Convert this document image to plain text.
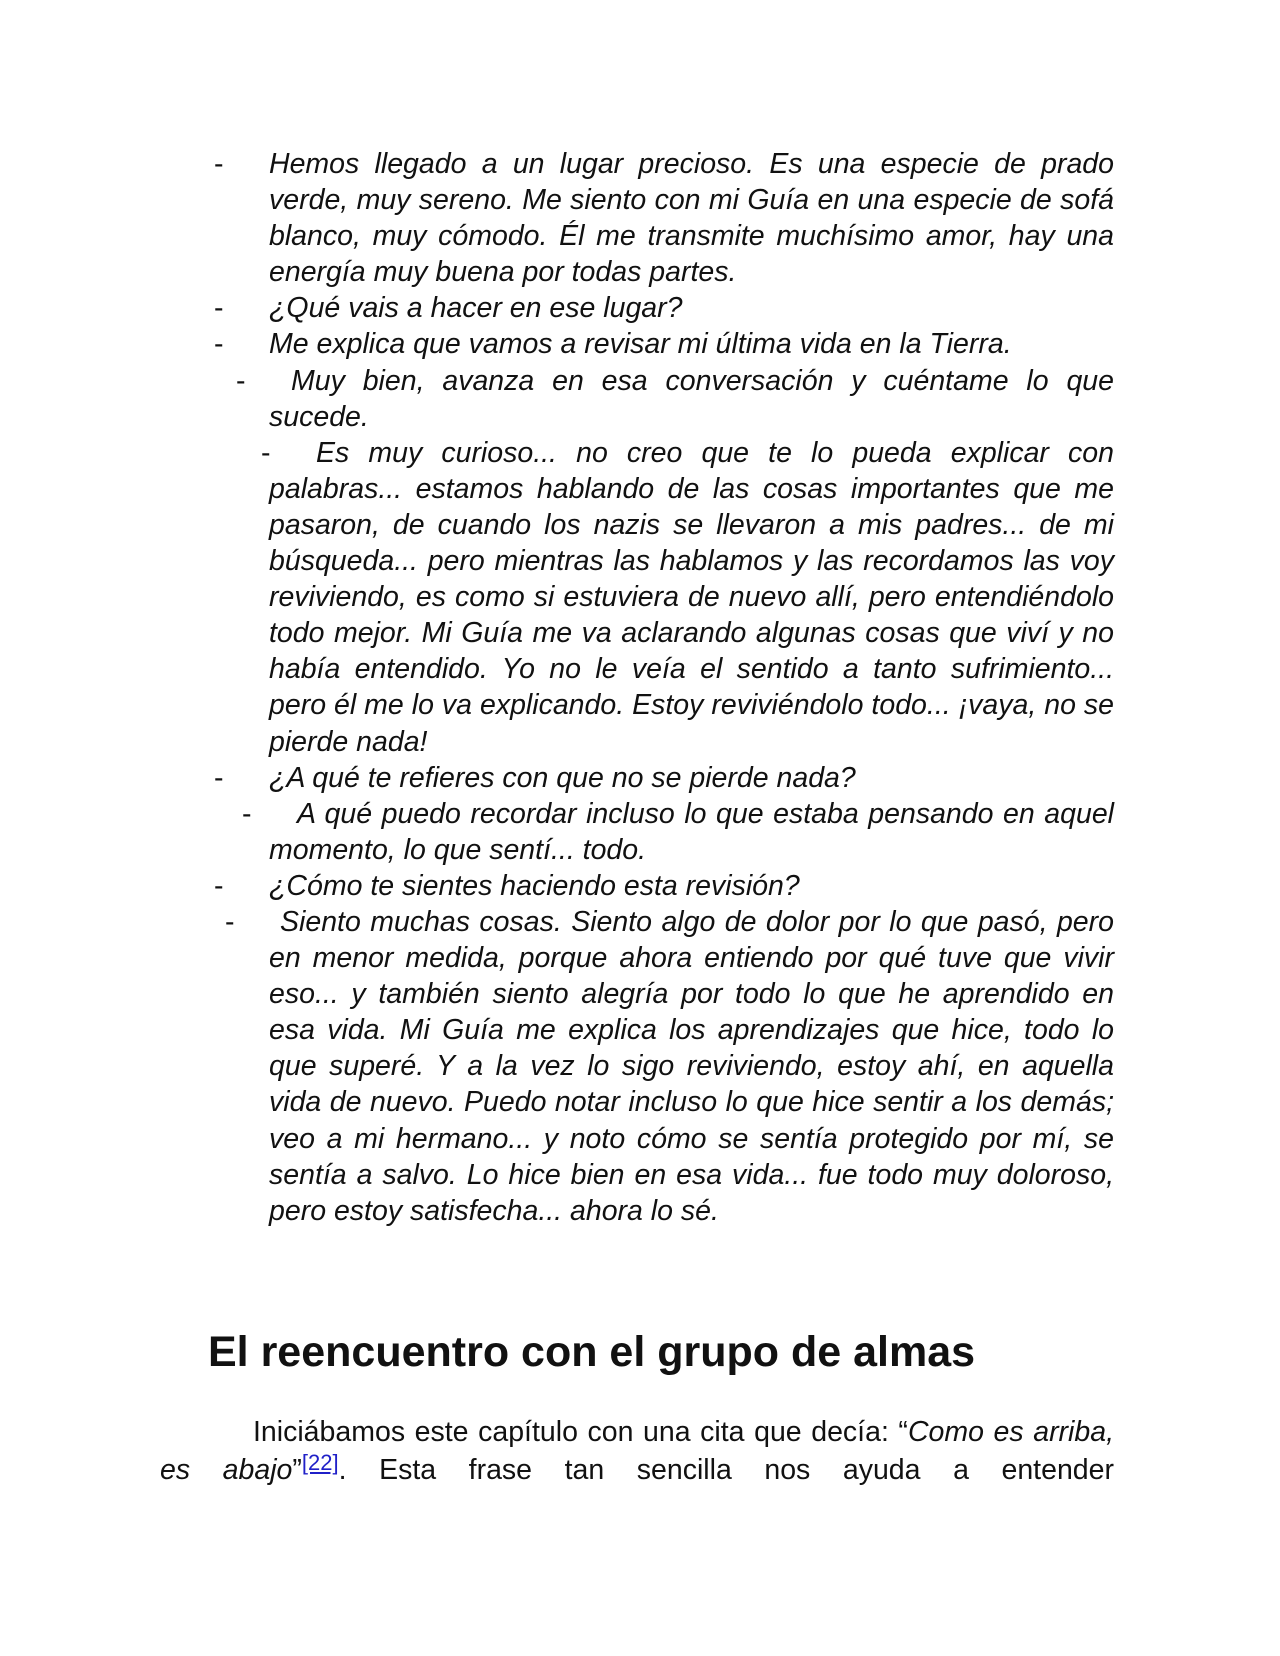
- Hemos llegado a un lugar precioso. Es una especie de prado verde, muy sereno. Me siento con mi Guía en una especie de sofá blanco, muy cómodo. Él me transmite muchísimo amor, hay una energía muy buena por todas partes.
- ¿Qué vais a hacer en ese lugar?
- Me explica que vamos a revisar mi última vida en la Tierra.
- Muy bien, avanza en esa conversación y cuéntame lo que sucede.
- Es muy curioso... no creo que te lo pueda explicar con palabras... estamos hablando de las cosas importantes que me pasaron, de cuando los nazis se llevaron a mis padres... de mi búsqueda... pero mientras las hablamos y las recordamos las voy reviviendo, es como si estuviera de nuevo allí, pero entendiéndolo todo mejor. Mi Guía me va aclarando algunas cosas que viví y no había entendido. Yo no le veía el sentido a tanto sufrimiento... pero él me lo va explicando. Estoy reviviéndolo todo... ¡vaya, no se pierde nada!
- ¿A qué te refieres con que no se pierde nada?
- A qué puedo recordar incluso lo que estaba pensando en aquel momento, lo que sentí... todo.
- ¿Cómo te sientes haciendo esta revisión?
- Siento muchas cosas. Siento algo de dolor por lo que pasó, pero en menor medida, porque ahora entiendo por qué tuve que vivir eso... y también siento alegría por todo lo que he aprendido en esa vida. Mi Guía me explica los aprendizajes que hice, todo lo que superé. Y a la vez lo sigo reviviendo, estoy ahí, en aquella vida de nuevo. Puedo notar incluso lo que hice sentir a los demás; veo a mi hermano... y noto cómo se sentía protegido por mí, se sentía a salvo. Lo hice bien en esa vida... fue todo muy doloroso, pero estoy satisfecha... ahora lo sé.
El reencuentro con el grupo de almas

Iniciábamos este capítulo con una cita que decía: “Como es arriba, es abajo”[22]. Esta frase tan sencilla nos ayuda a entender
